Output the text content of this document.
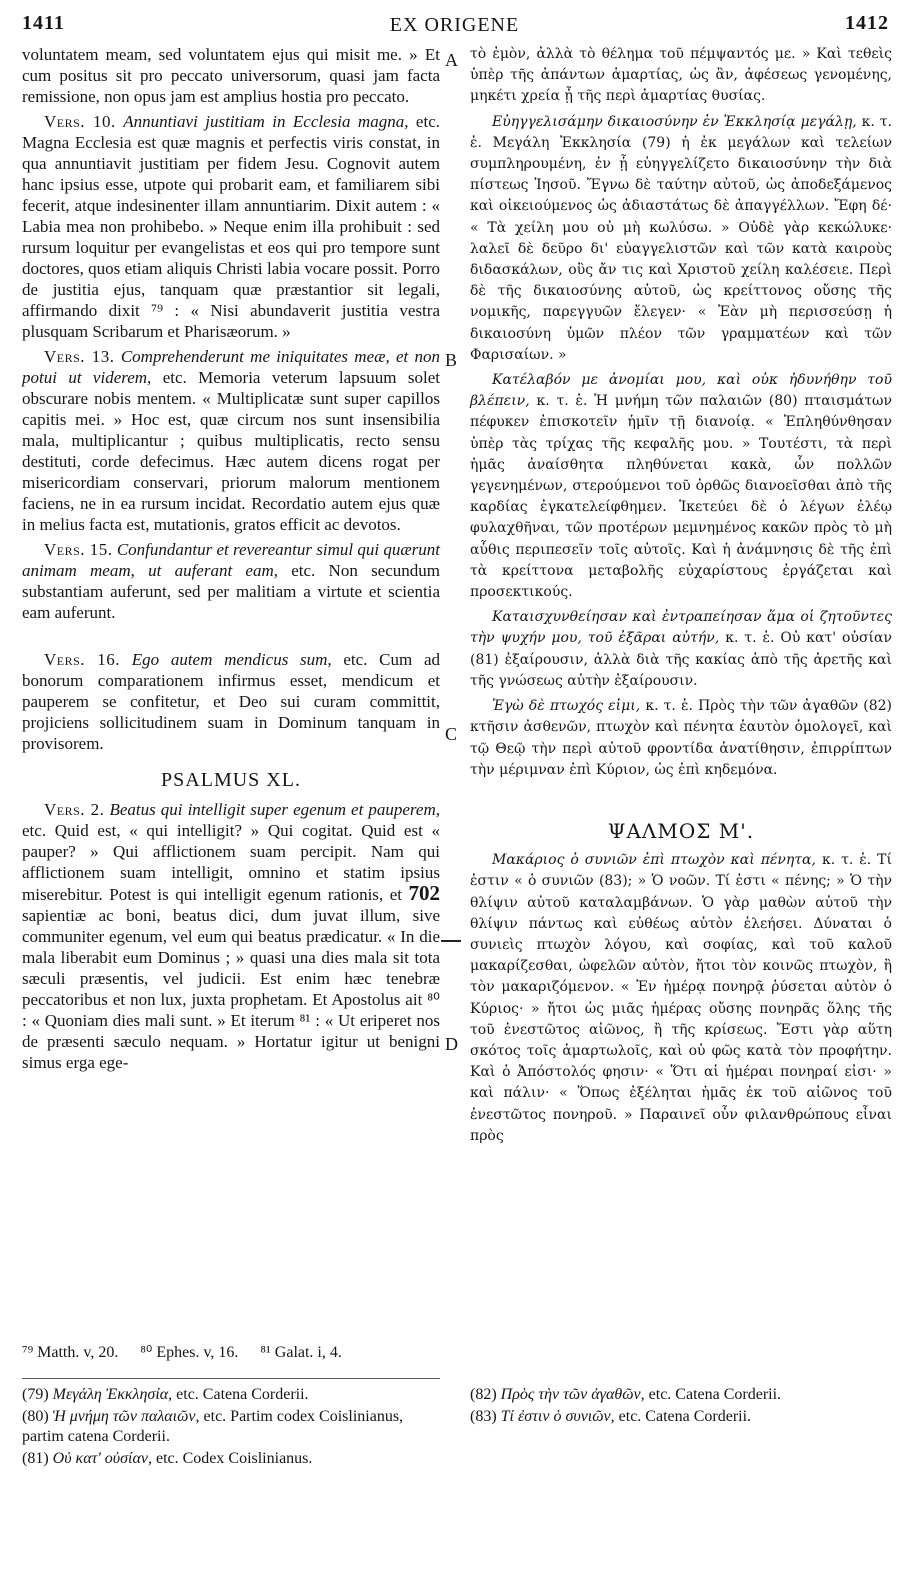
1411	EX ORIGENE	1412
A
B
C
D

voluntatem meam, sed voluntatem ejus qui misit me. » Et cum positus sit pro peccato universorum, quasi jam facta remissione, non opus jam est amplius hostia pro peccato.

Vers. 10. Annuntiavi justitiam in Ecclesia magna, etc. Magna Ecclesia est quæ magnis et perfectis viris constat, in qua annuntiavit justitiam per fidem Jesu. Cognovit autem hanc ipsius esse, utpote qui probarit eam, et familiarem sibi fecerit, atque indesinenter illam annuntiarim. Dixit autem : « Labia mea non prohibebo. » Neque enim illa prohibuit : sed rursum loquitur per evangelistas et eos qui pro tempore sunt doctores, quos etiam aliquis Christi labia vocare possit. Porro de justitia ejus, tanquam quæ præstantior sit legali, affirmando dixit ⁷⁹ : « Nisi abundaverit justitia vestra plusquam Scribarum et Pharisæorum. »

Vers. 13. Comprehenderunt me iniquitates meæ, et non potui ut viderem, etc. Memoria veterum lapsuum solet obscurare nobis mentem. « Multiplicatæ sunt super capillos capitis mei. » Hoc est, quæ circum nos sunt insensibilia mala, multiplicantur ; quibus multiplicatis, recto sensu destituti, corde defecimus. Hæc autem dicens rogat per misericordiam conservari, priorum malorum mentionem faciens, ne in ea rursum incidat. Recordatio autem ejus quæ in melius facta est, mutationis, gratos efficit ac devotos.

Vers. 15. Confundantur et revereantur simul qui quærunt animam meam, ut auferant eam, etc. Non secundum substantiam auferunt, sed per malitiam a virtute et scientia eam auferunt.

Vers. 16. Ego autem mendicus sum, etc. Cum ad bonorum comparationem infirmus esset, mendicum et pauperem se confitetur, et Deo sui curam committit, projiciens sollicitudinem suam in Dominum tanquam in provisorem.

PSALMUS XL.

Vers. 2. Beatus qui intelligit super egenum et pauperem, etc. Quid est, « qui intelligit? » Qui cogitat. Quid est « pauper? » Qui afflictionem suam percipit. Nam qui afflictionem suam intelligit, omnino et statim ipsius miserebitur. Potest is qui intelligit egenum rationis, et 702 sapientiæ ac boni, beatus dici, dum juvat illum, sive communiter egenum, vel eum qui beatus prædicatur. « In die mala liberabit eum Dominus ; » quasi una dies mala sit tota sæculi præsentis, vel judicii. Est enim hæc tenebræ peccatoribus et non lux, juxta prophetam. Et Apostolus ait ⁸⁰ : « Quoniam dies mali sunt. » Et iterum ⁸¹ : « Ut eriperet nos de præsenti sæculo nequam. » Hortatur igitur ut benigni simus erga ege-

τὸ ἐμὸν, ἀλλὰ τὸ θέλημα τοῦ πέμψαντός με. » Καὶ τεθεὶς ὑπὲρ τῆς ἁπάντων ἁμαρτίας, ὡς ἂν, ἀφέσεως γενομένης, μηκέτι χρεία ᾖ τῆς περὶ ἁμαρτίας θυσίας.

Εὐηγγελισάμην δικαιοσύνην ἐν Ἐκκλησίᾳ μεγάλῃ, κ. τ. ἑ. Μεγάλη Ἐκκλησία (79) ἡ ἐκ μεγάλων καὶ τελείων συμπληρουμένη, ἐν ᾗ εὐηγγελίζετο δικαιοσύνην τὴν διὰ πίστεως Ἰησοῦ. Ἔγνω δὲ ταύτην αὐτοῦ, ὡς ἀποδεξάμενος καὶ οἰκειούμενος ὡς ἀδιαστάτως δὲ ἀπαγγέλλων. Ἔφη δέ· « Τὰ χείλη μου οὐ μὴ κωλύσω. » Οὐδὲ γὰρ κεκώλυκε· λαλεῖ δὲ δεῦρο δι' εὐαγγελιστῶν καὶ τῶν κατὰ καιροὺς διδασκάλων, οὓς ἄν τις καὶ Χριστοῦ χείλη καλέσειε. Περὶ δὲ τῆς δικαιοσύνης αὐτοῦ, ὡς κρείττονος οὔσης τῆς νομικῆς, παρεγγυῶν ἔλεγεν· « Ἐὰν μὴ περισσεύσῃ ἡ δικαιοσύνη ὑμῶν πλέον τῶν γραμματέων καὶ τῶν Φαρισαίων. »

Κατέλαβόν με ἀνομίαι μου, καὶ οὐκ ἠδυνήθην τοῦ βλέπειν, κ. τ. ἑ. Ἡ μνήμη τῶν παλαιῶν (80) πταισμάτων πέφυκεν ἐπισκοτεῖν ἡμῖν τῇ διανοίᾳ. « Ἐπληθύνθησαν ὑπὲρ τὰς τρίχας τῆς κεφαλῆς μου. » Τουτέστι, τὰ περὶ ἡμᾶς ἀναίσθητα πληθύνεται κακὰ, ὧν πολλῶν γεγενημένων, στερούμενοι τοῦ ὀρθῶς διανοεῖσθαι ἀπὸ τῆς καρδίας ἐγκατελείφθημεν. Ἱκετεύει δὲ ὁ λέγων ἐλέῳ φυλαχθῆναι, τῶν προτέρων μεμνημένος κακῶν πρὸς τὸ μὴ αὖθις περιπεσεῖν τοῖς αὐτοῖς. Καὶ ἡ ἀνάμνησις δὲ τῆς ἐπὶ τὰ κρείττονα μεταβολῆς εὐχαρίστους ἐργάζεται καὶ προσεκτικούς.

Καταισχυνθείησαν καὶ ἐντραπείησαν ἅμα οἱ ζητοῦντες τὴν ψυχήν μου, τοῦ ἐξᾶραι αὐτήν, κ. τ. ἑ. Οὐ κατ' οὐσίαν (81) ἐξαίρουσιν, ἀλλὰ διὰ τῆς κακίας ἀπὸ τῆς ἀρετῆς καὶ τῆς γνώσεως αὐτὴν ἐξαίρουσιν.

Ἐγὼ δὲ πτωχός εἰμι, κ. τ. ἑ. Πρὸς τὴν τῶν ἀγαθῶν (82) κτῆσιν ἀσθενῶν, πτωχὸν καὶ πένητα ἑαυτὸν ὁμολογεῖ, καὶ τῷ Θεῷ τὴν περὶ αὐτοῦ φροντίδα ἀνατίθησιν, ἐπιρρίπτων τὴν μέριμναν ἐπὶ Κύριον, ὡς ἐπὶ κηδεμόνα.

ΨΑΛΜΟΣ Μ'.

Μακάριος ὁ συνιῶν ἐπὶ πτωχὸν καὶ πένητα, κ. τ. ἑ. Τί ἐστιν « ὁ συνιῶν (83); » Ὁ νοῶν. Τί ἐστι « πένης; » Ὁ τὴν θλίψιν αὐτοῦ καταλαμβάνων. Ὁ γὰρ μαθὼν αὐτοῦ τὴν θλίψιν πάντως καὶ εὐθέως αὐτὸν ἐλεήσει. Δύναται ὁ συνιεὶς πτωχὸν λόγου, καὶ σοφίας, καὶ τοῦ καλοῦ μακαρίζεσθαι, ὠφελῶν αὐτὸν, ἤτοι τὸν κοινῶς πτωχὸν, ἢ τὸν μακαριζόμενον. « Ἐν ἡμέρᾳ πονηρᾷ ῥύσεται αὐτὸν ὁ Κύριος· » ἤτοι ὡς μιᾶς ἡμέρας οὔσης πονηρᾶς ὅλης τῆς τοῦ ἐνεστῶτος αἰῶνος, ἢ τῆς κρίσεως. Ἔστι γὰρ αὕτη σκότος τοῖς ἁμαρτωλοῖς, καὶ οὐ φῶς κατὰ τὸν προφήτην. Καὶ ὁ Ἀπόστολός φησιν· « Ὅτι αἱ ἡμέραι πονηραί εἰσι· » καὶ πάλιν· « Ὅπως ἐξέληται ἡμᾶς ἐκ τοῦ αἰῶνος τοῦ ἐνεστῶτος πονηροῦ. » Παραινεῖ οὖν φιλανθρώπους εἶναι πρὸς

⁷⁹ Matth. v, 20. ⁸⁰ Ephes. v, 16. ⁸¹ Galat. i, 4.
(79) Μεγάλη Ἐκκλησία, etc. Catena Corderii.
(80) Ἡ μνήμη τῶν παλαιῶν, etc. Partim codex Coislinianus, partim catena Corderii.
(81) Οὐ κατ' οὐσίαν, etc. Codex Coislinianus.
(82) Πρὸς τὴν τῶν ἀγαθῶν, etc. Catena Corderii.
(83) Τί ἐστιν ὁ συνιῶν, etc. Catena Corderii.
